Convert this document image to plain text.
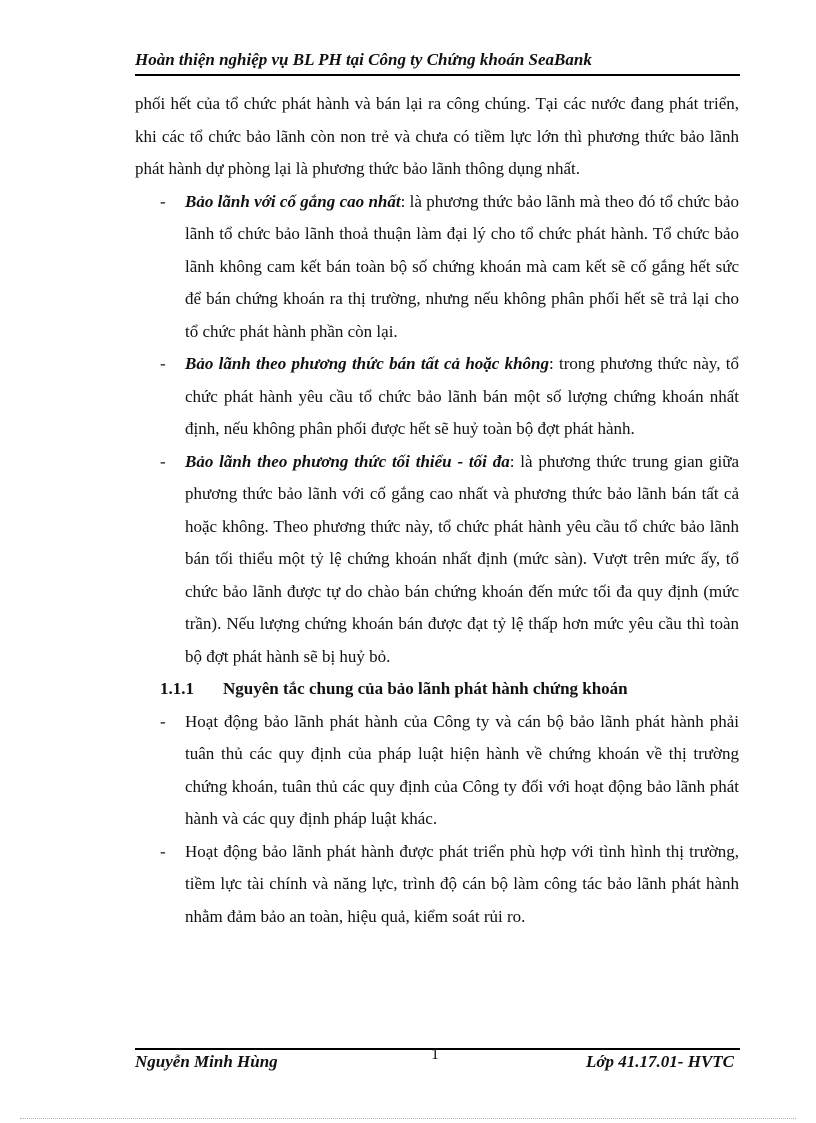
Hoàn thiện nghiệp vụ BL PH tại Công ty Chứng khoán SeaBank

phối hết của tổ chức phát hành và bán lại ra công chúng. Tại các nước đang phát triển, khi các tổ chức bảo lãnh còn non trẻ và chưa có tiềm lực lớn thì phương thức bảo lãnh phát hành dự phòng lại là phương thức bảo lãnh thông dụng nhất.

- Bảo lãnh với cố gắng cao nhất: là phương thức bảo lãnh mà theo đó tổ chức bảo lãnh tổ chức bảo lãnh thoả thuận làm đại lý cho tổ chức phát hành. Tổ chức bảo lãnh không cam kết bán toàn bộ số chứng khoán mà cam kết sẽ cố gắng hết sức để bán chứng khoán ra thị trường, nhưng nếu không phân phối hết sẽ trả lại cho tổ chức phát hành phần còn lại.

- Bảo lãnh theo phương thức bán tất cả hoặc không: trong phương thức này, tổ chức phát hành yêu cầu tổ chức bảo lãnh bán một số lượng chứng khoán nhất định, nếu không phân phối được hết sẽ huỷ toàn bộ đợt phát hành.

- Bảo lãnh theo phương thức tối thiểu - tối đa: là phương thức trung gian giữa phương thức bảo lãnh với cố gắng cao nhất và phương thức bảo lãnh bán tất cả hoặc không. Theo phương thức này, tổ chức phát hành yêu cầu tổ chức bảo lãnh bán tối thiểu một tỷ lệ chứng khoán nhất định (mức sàn). Vượt trên mức ấy, tổ chức bảo lãnh được tự do chào bán chứng khoán đến mức tối đa quy định (mức trần). Nếu lượng chứng khoán bán được đạt tỷ lệ thấp hơn mức yêu cầu thì toàn bộ đợt phát hành sẽ bị huỷ bỏ.

1.1.1 Nguyên tắc chung của bảo lãnh phát hành chứng khoán

- Hoạt động bảo lãnh phát hành của Công ty và cán bộ bảo lãnh phát hành phải tuân thủ các quy định của pháp luật hiện hành về chứng khoán về thị trường chứng khoán, tuân thủ các quy định của Công ty đối với hoạt động bảo lãnh phát hành và các quy định pháp luật khác.

- Hoạt động bảo lãnh phát hành được phát triển phù hợp với tình hình thị trường, tiềm lực tài chính và năng lực, trình độ cán bộ làm công tác bảo lãnh phát hành nhằm đảm bảo an toàn, hiệu quả, kiểm soát rủi ro.

Nguyễn Minh Hùng	1	Lớp 41.17.01- HVTC
